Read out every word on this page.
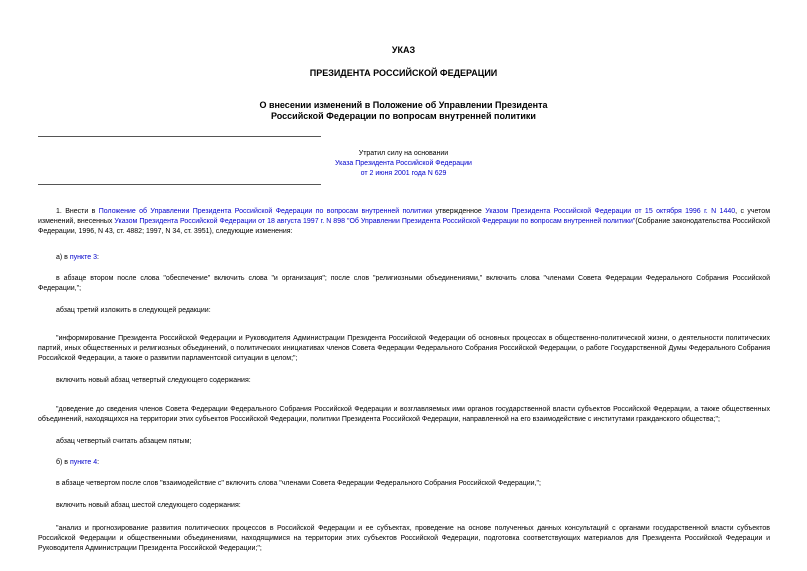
УКАЗ
ПРЕЗИДЕНТА РОССИЙСКОЙ ФЕДЕРАЦИИ
О внесении изменений в Положение об Управлении Президента
Российской Федерации по вопросам внутренней политики
Утратил силу на основании
Указа Президента Российской Федерации
от 2 июня 2001 года N 629

1. Внести в Положение об Управлении Президента Российской Федерации по вопросам внутренней политики утвержденное Указом Президента Российской Федерации от 15 октября 1996 г. N 1440, с учетом изменений, внесенных Указом Президента Российской Федерации от 18 августа 1997 г. N 898 "Об Управлении Президента Российской Федерации по вопросам внутренней политики"(Собрание законодательства Российской Федерации, 1996, N 43, ст. 4882; 1997, N 34, ст. 3951), следующие изменения:

а) в пункте 3:

в абзаце втором после слова "обеспечение" включить слова "и организация"; после слов "религиозными объединениями," включить слова "членами Совета Федерации Федерального Собрания Российской Федерации,";

абзац третий изложить в следующей редакции:

"информирование Президента Российской Федерации и Руководителя Администрации Президента Российской Федерации об основных процессах в общественно-политической жизни, о деятельности политических партий, иных общественных и религиозных объединений, о политических инициативах членов Совета Федерации Федерального Собрания Российской Федерации, о работе Государственной Думы Федерального Собрания Российской Федерации, а также о развитии парламентской ситуации в целом;";

включить новый абзац четвертый следующего содержания:

"доведение до сведения членов Совета Федерации Федерального Собрания Российской Федерации и возглавляемых ими органов государственной власти субъектов Российской Федерации, а также общественных объединений, находящихся на территории этих субъектов Российской Федерации, политики Президента Российской Федерации, направленной на его взаимодействие с институтами гражданского общества;";

абзац четвертый считать абзацем пятым;

б) в пункте 4:

в абзаце четвертом после слов "взаимодействие с" включить слова "членами Совета Федерации Федерального Собрания Российской Федерации,";

включить новый абзац шестой следующего содержания:

"анализ и прогнозирование развития политических процессов в Российской Федерации и ее субъектах, проведение на основе полученных данных консультаций с органами государственной власти субъектов Российской Федерации и общественными объединениями, находящимися на территории этих субъектов Российской Федерации, подготовка соответствующих материалов для Президента Российской Федерации и Руководителя Администрации Президента Российской Федерации;";
